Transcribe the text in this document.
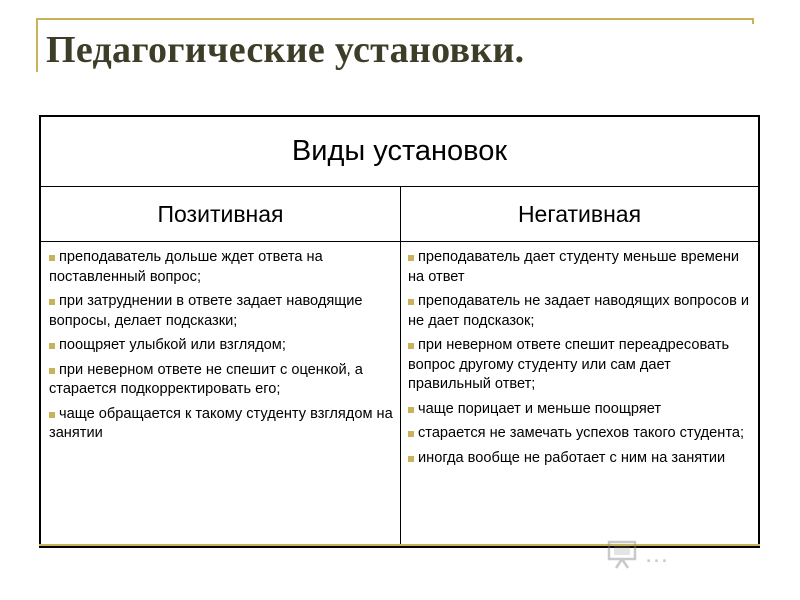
Педагогические установки.
Виды установок
Позитивная	Негативная
преподаватель дольше ждет ответа на поставленный вопрос;
при затруднении в ответе задает наводящие вопросы, делает подсказки;
поощряет улыбкой или взглядом;
при неверном ответе не спешит с оценкой, а старается подкорректировать его;
чаще обращается к такому студенту взглядом на занятии
преподаватель дает студенту меньше времени на ответ
преподаватель не задает наводящих вопросов и не дает подсказок;
при неверном ответе спешит переадресовать вопрос другому студенту или сам дает правильный ответ;
чаще порицает и меньше поощряет
старается не замечать успехов такого студента;
иногда вообще не работает с ним на занятии
…
